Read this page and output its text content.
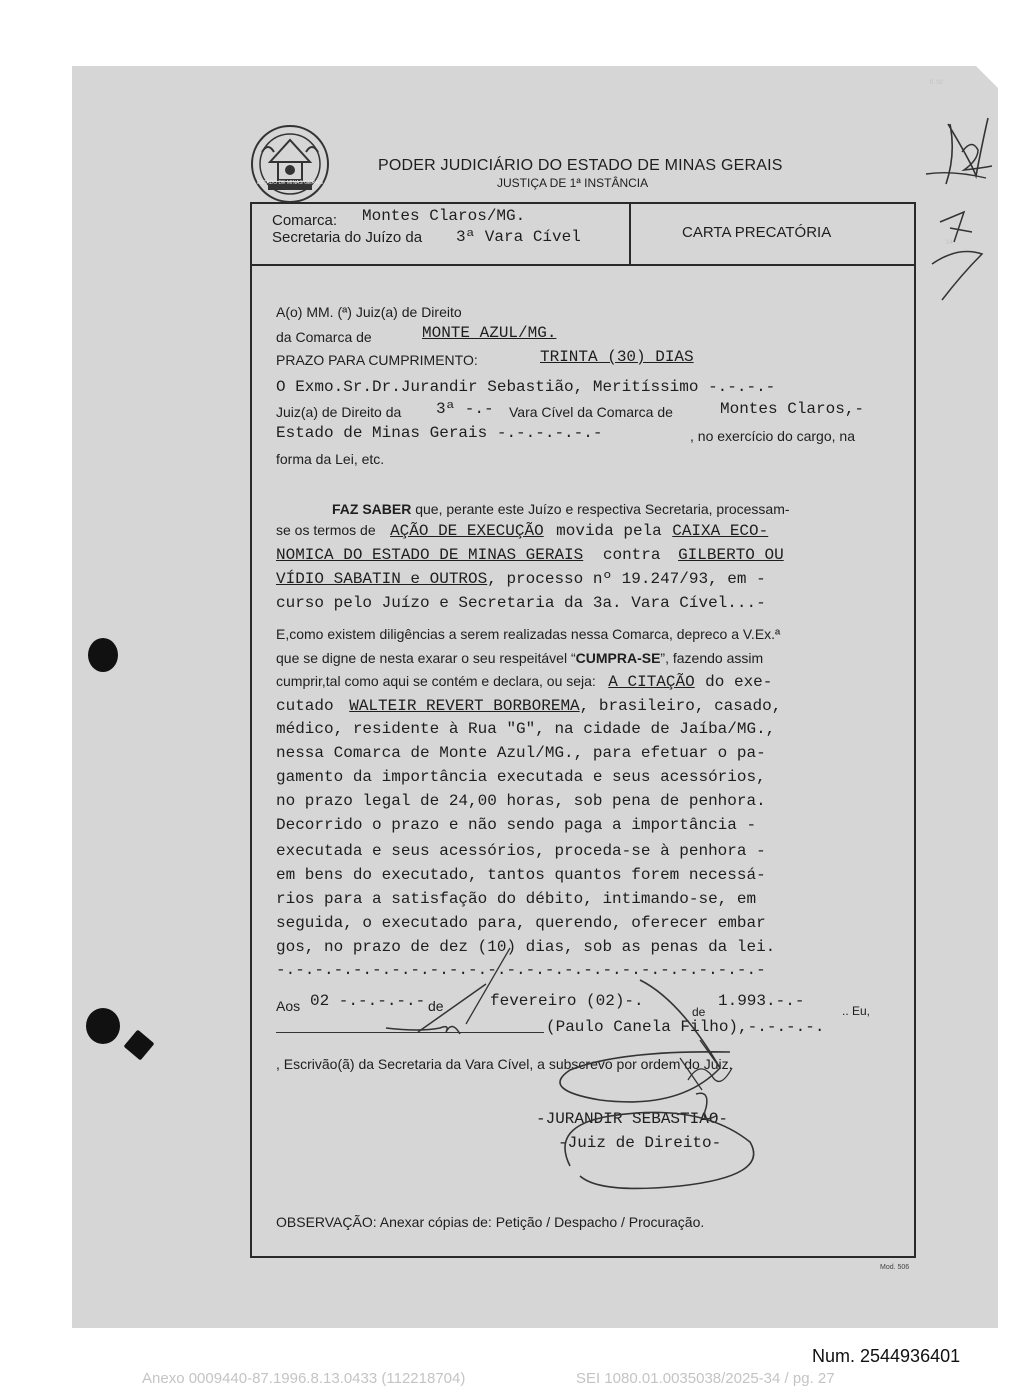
ESTADO DE MINAS GERAIS
PODER JUDICIÁRIO DO ESTADO DE MINAS GERAIS
JUSTIÇA DE 1ª INSTÂNCIA
Comarca: Montes Claros/MG.
Secretaria do Juízo da 3ª Vara Cível	CARTA PRECATÓRIA
A(o) MM. (ª) Juiz(a) de Direito
da Comarca de	MONTE AZUL/MG.
PRAZO PARA CUMPRIMENTO:	TRINTA (30) DIAS
O Exmo.Sr.Dr.Jurandir Sebastião, Meritíssimo -.-.-.-
Juiz(a) de Direito da 3ª -.- Vara Cível da Comarca de	Montes Claros,-
Estado de Minas Gerais -.-.-.-.-.-	, no exercício do cargo, na
forma da Lei, etc.
FAZ SABER que, perante este Juízo e respectiva Secretaria, processam-
se os termos de AÇÃO DE EXECUÇÃO movida pela CAIXA ECO-
NOMICA DO ESTADO DE MINAS GERAIS contra GILBERTO OU
VÍDIO SABATIN e OUTROS, processo nº 19.247/93, em -
curso pelo Juízo e Secretaria da 3a. Vara Cível...-
E,como existem diligências a serem realizadas nessa Comarca, depreco a V.Ex.ª
que se digne de nesta exarar o seu respeitável “CUMPRA-SE”, fazendo assim
cumprir,tal como aqui se contém e declara, ou seja: A CITAÇÃO do exe-
cutado WALTEIR REVERT BORBOREMA, brasileiro, casado,
médico, residente à Rua "G", na cidade de Jaíba/MG.,
nessa Comarca de Monte Azul/MG., para efetuar o pa-
gamento da importância executada e seus acessórios,
no prazo legal de 24,00 horas, sob pena de penhora.
Decorrido o prazo e não sendo paga a importância -
executada e seus acessórios, proceda-se à penhora -
em bens do executado, tantos quantos forem necessá-
rios para a satisfação do débito, intimando-se, em
seguida, o executado para, querendo, oferecer embar
gos, no prazo de dez (10) dias, sob as penas da lei.
-.-.-.-.-.-.-.-.-.-.-.-.-.-.-.-.-.-.-.-.-.-.-.-.-.-
Aos 02 -.-.-.-.- de	fevereiro (02)-.
de
1.993.-.-
.. Eu,
(Paulo Canela Filho),-.-.-.-.
, Escrivão(ã) da Secretaria da Vara Cível, a subscrevo por ordem do Juiz.
-JURANDIR SEBASTIAO-
-Juiz de Direito-
OBSERVAÇÃO: Anexar cópias de: Petição / Despacho / Procuração.
Mod. 506
fl. 02
14
Num. 2544936401
Anexo 0009440-87.1996.8.13.0433 (112218704)	SEI 1080.01.0035038/2025-34 / pg. 27
